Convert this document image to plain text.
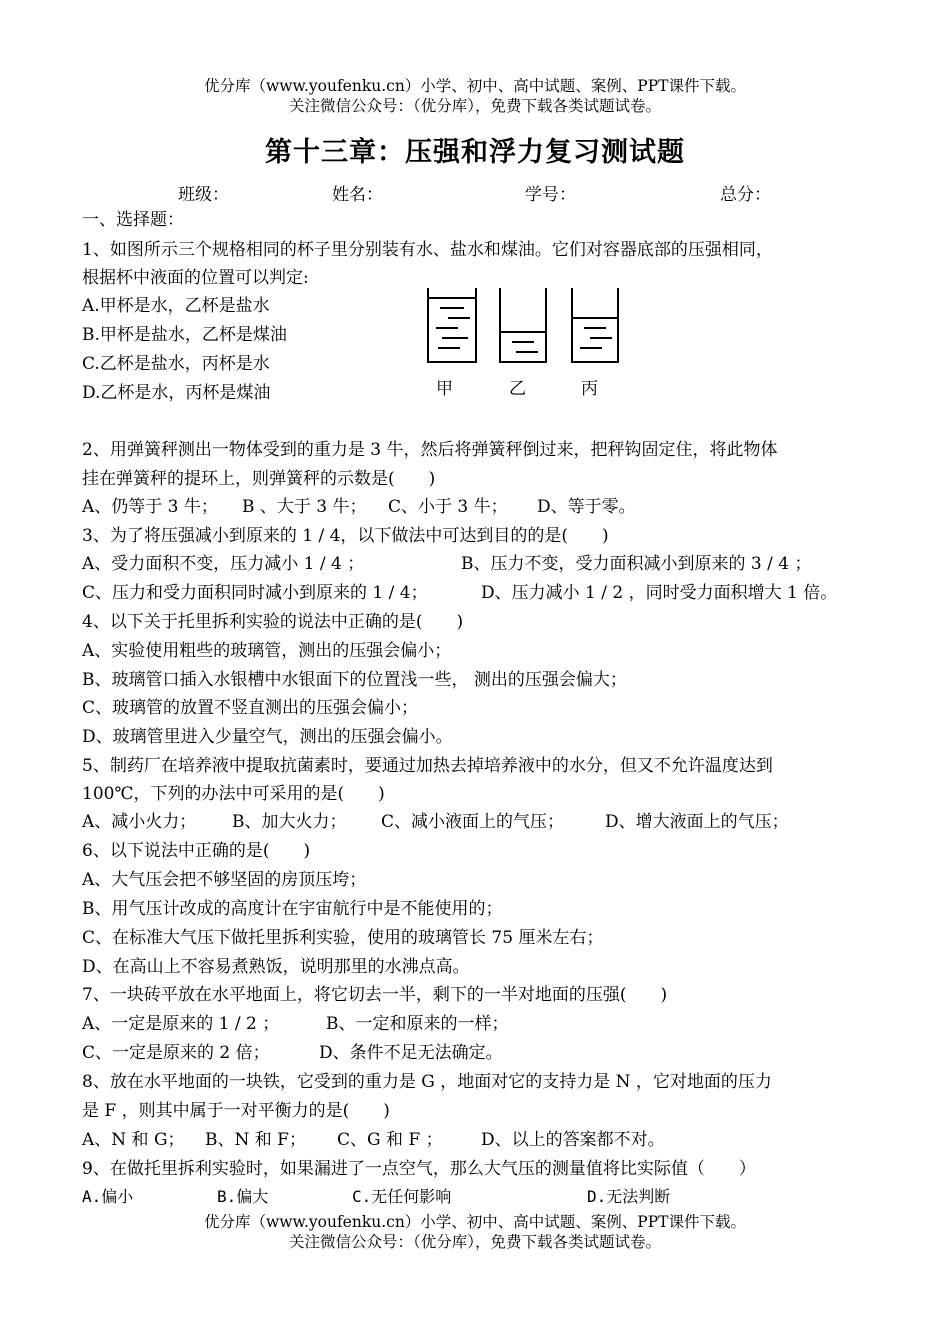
优分库（www.youfenku.cn）小学、初中、高中试题、案例、PPT课件下载。
关注微信公众号：（优分库），免费下载各类试题试卷。
第十三章：压强和浮力复习测试题
班级：	姓名：	学号：	总分：
一、选择题：
1、如图所示三个规格相同的杯子里分别装有水、盐水和煤油。它们对容器底部的压强相同，
根据杯中液面的位置可以判定:
A.甲杯是水，乙杯是盐水
B.甲杯是盐水，乙杯是煤油
C.乙杯是盐水，丙杯是水
D.乙杯是水，丙杯是煤油	甲	乙	丙
2、用弹簧秤测出一物体受到的重力是 3 牛，然后将弹簧秤倒过来，把秤钩固定住，将此物体
挂在弹簧秤的提环上，则弹簧秤的示数是(　　)
A、仍等于 3 牛； B 、大于 3 牛； C、小于 3 牛； D、等于零。
3、为了将压强减小到原来的 1 / 4，以下做法中可达到目的的是(　　)
A、受力面积不变，压力减小 1 / 4 ；	B、压力不变，受力面积减小到原来的 3 / 4 ；
C、压力和受力面积同时减小到原来的 1 / 4；	D、压力减小 1 / 2 ，同时受力面积增大 1 倍。
4、以下关于托里拆利实验的说法中正确的是(　　)
A、实验使用粗些的玻璃管，测出的压强会偏小；
B、玻璃管口插入水银槽中水银面下的位置浅一些， 测出的压强会偏大；
C、玻璃管的放置不竖直测出的压强会偏小；
D、玻璃管里进入少量空气，测出的压强会偏小。
5、制药厂在培养液中提取抗菌素时，要通过加热去掉培养液中的水分，但又不允许温度达到
100℃，下列的办法中可采用的是(　　)
A、减小火力； B、加大火力； C、减小液面上的气压； D、增大液面上的气压；
6、以下说法中正确的是(　　)
A、大气压会把不够坚固的房顶压垮；
B、用气压计改成的高度计在宇宙航行中是不能使用的；
C、在标准大气压下做托里拆利实验，使用的玻璃管长 75 厘米左右；
D、在高山上不容易煮熟饭，说明那里的水沸点高。
7、一块砖平放在水平地面上，将它切去一半，剩下的一半对地面的压强(　　)
A、一定是原来的 1 / 2 ；	B、一定和原来的一样；
C、一定是原来的 2 倍；	D、条件不足无法确定。
8、放在水平地面的一块铁，它受到的重力是 G ，地面对它的支持力是 N ，它对地面的压力
是 F ，则其中属于一对平衡力的是(　　)
A、N 和 G； B、N 和 F； C、G 和 F ； D、以上的答案都不对。
9、在做托里拆利实验时，如果漏进了一点空气，那么大气压的测量值将比实际值（　　）
A.偏小	B.偏大	C.无任何影响	D.无法判断
优分库（www.youfenku.cn）小学、初中、高中试题、案例、PPT课件下载。
关注微信公众号：（优分库），免费下载各类试题试卷。
